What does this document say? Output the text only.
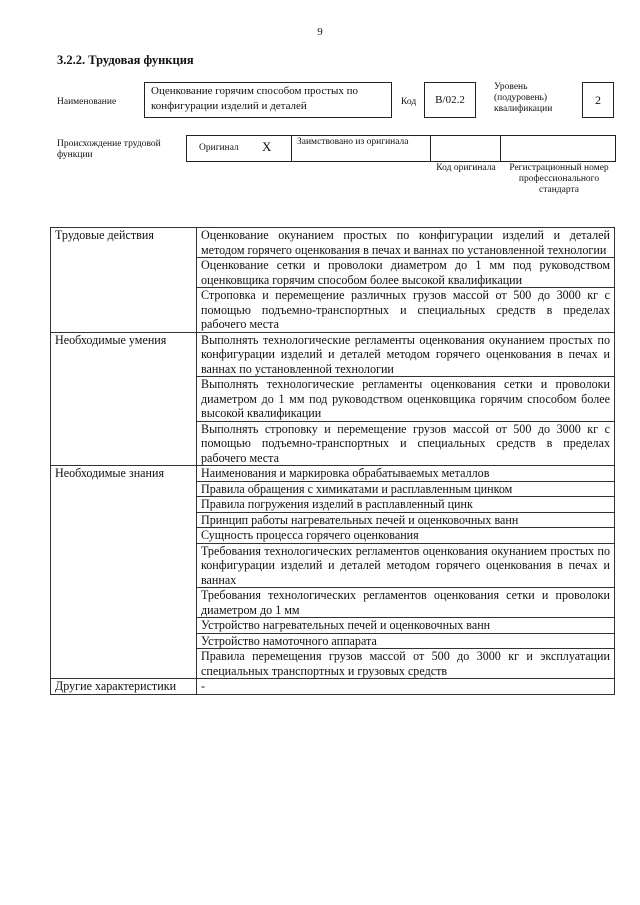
9
3.2.2. Трудовая функция
Наименование
Оценкование горячим способом простых по конфигурации изделий и деталей	Код	В/02.2
Уровень (подуровень) квалификации
2
Происхождение трудовой функции
Оригинал X	Заимствовано из оригинала
Код оригинала Регистрационный номер профессионального стандарта
Трудовые действия	Оценкование окунанием простых по конфигурации изделий и деталей методом горячего оценкования в печах и ваннах по установленной технологии
	Оценкование сетки и проволоки диаметром до 1 мм под руководством оценковщика горячим способом более высокой квалификации
	Строповка и перемещение различных грузов массой от 500 до 3000 кг с помощью подъемно-транспортных и специальных средств в пределах рабочего места
Необходимые умения	Выполнять технологические регламенты оценкования окунанием простых по конфигурации изделий и деталей методом горячего оценкования в печах и ваннах по установленной технологии
	Выполнять технологические регламенты оценкования сетки и проволоки диаметром до 1 мм под руководством оценковщика горячим способом более высокой квалификации
	Выполнять строповку и перемещение грузов массой от 500 до 3000 кг с помощью подъемно-транспортных и специальных средств в пределах рабочего места
Необходимые знания	Наименования и маркировка обрабатываемых металлов
	Правила обращения с химикатами и расплавленным цинком
	Правила погружения изделий в расплавленный цинк
	Принцип работы нагревательных печей и оценковочных ванн
	Сущность процесса горячего оценкования
	Требования технологических регламентов оценкования окунанием простых по конфигурации изделий и деталей методом горячего оценкования в печах и ваннах
	Требования технологических регламентов оценкования сетки и проволоки диаметром до 1 мм
	Устройство нагревательных печей и оценковочных ванн
	Устройство намоточного аппарата
	Правила перемещения грузов массой от 500 до 3000 кг и эксплуатации специальных транспортных и грузовых средств
Другие характеристики	-
